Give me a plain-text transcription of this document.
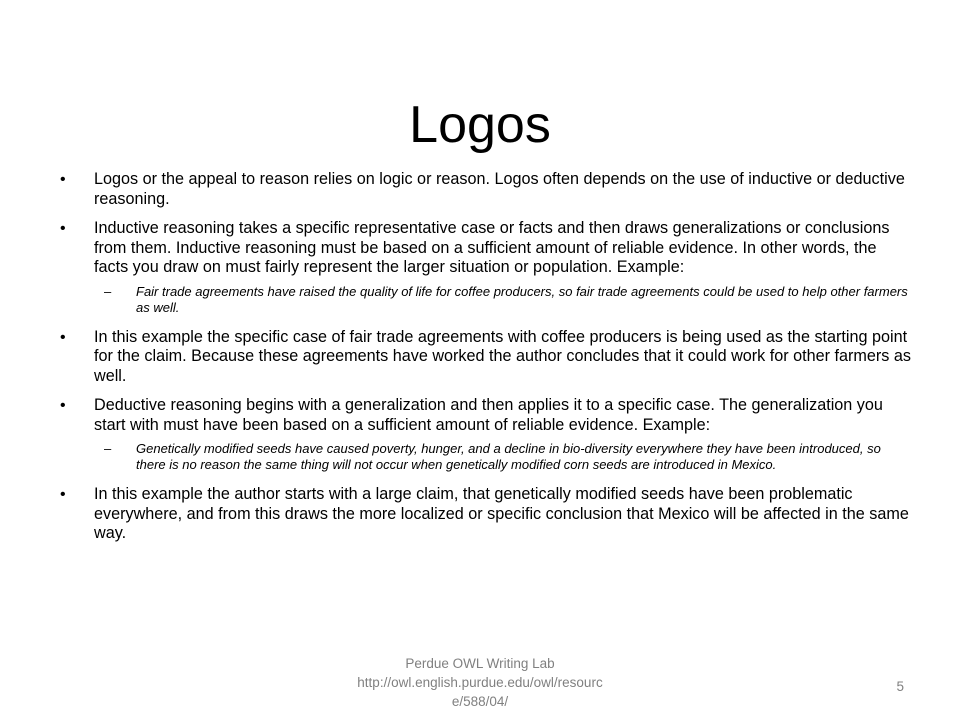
Logos
•	Logos or the appeal to reason relies on logic or reason. Logos often depends on the use of inductive or deductive reasoning.
•	Inductive reasoning takes a specific representative case or facts and then draws generalizations or conclusions from them. Inductive reasoning must be based on a sufficient amount of reliable evidence. In other words, the facts you draw on must fairly represent the larger situation or population. Example:
– Fair trade agreements have raised the quality of life for coffee producers, so fair trade agreements could be used to help other farmers as well.
•	In this example the specific case of fair trade agreements with coffee producers is being used as the starting point for the claim. Because these agreements have worked the author concludes that it could work for other farmers as well.
•	Deductive reasoning begins with a generalization and then applies it to a specific case. The generalization you start with must have been based on a sufficient amount of reliable evidence. Example:
– Genetically modified seeds have caused poverty, hunger, and a decline in bio-diversity everywhere they have been introduced, so there is no reason the same thing will not occur when genetically modified corn seeds are introduced in Mexico.
•	In this example the author starts with a large claim, that genetically modified seeds have been problematic everywhere, and from this draws the more localized or specific conclusion that Mexico will be affected in the same way.
Perdue OWL Writing Lab
http://owl.english.purdue.edu/owl/resourc
e/588/04/
5
